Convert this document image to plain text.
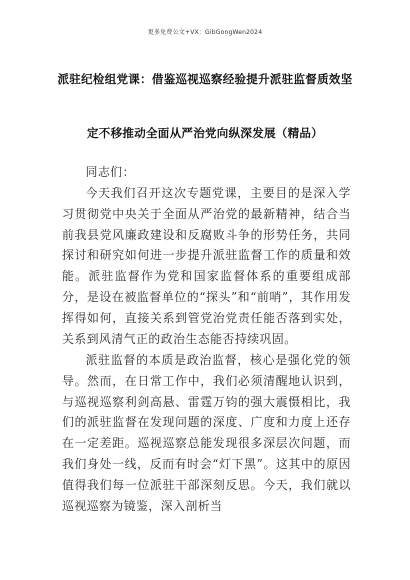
更多免费公文+VX：GibGongWen2024
派驻纪检组党课：借鉴巡视巡察经验提升派驻监督质效坚
定不移推动全面从严治党向纵深发展（精品）
同志们：
今天我们召开这次专题党课，主要目的是深入学习贯彻党中央关于全面从严治党的最新精神，结合当前我县党风廉政建设和反腐败斗争的形势任务，共同探讨和研究如何进一步提升派驻监督工作的质量和效能。派驻监督作为党和国家监督体系的重要组成部分，是设在被监督单位的“探头”和“前哨”，其作用发挥得如何，直接关系到管党治党责任能否落到实处，关系到风清气正的政治生态能否持续巩固。
派驻监督的本质是政治监督，核心是强化党的领导。然而，在日常工作中，我们必须清醒地认识到，与巡视巡察利剑高悬、雷霆万钧的强大震慑相比，我们的派驻监督在发现问题的深度、广度和力度上还存在一定差距。巡视巡察总能发现很多深层次问题，而我们身处一线，反而有时会“灯下黑”。这其中的原因值得我们每一位派驻干部深刻反思。今天，我们就以巡视巡察为镜鉴，深入剖析当
